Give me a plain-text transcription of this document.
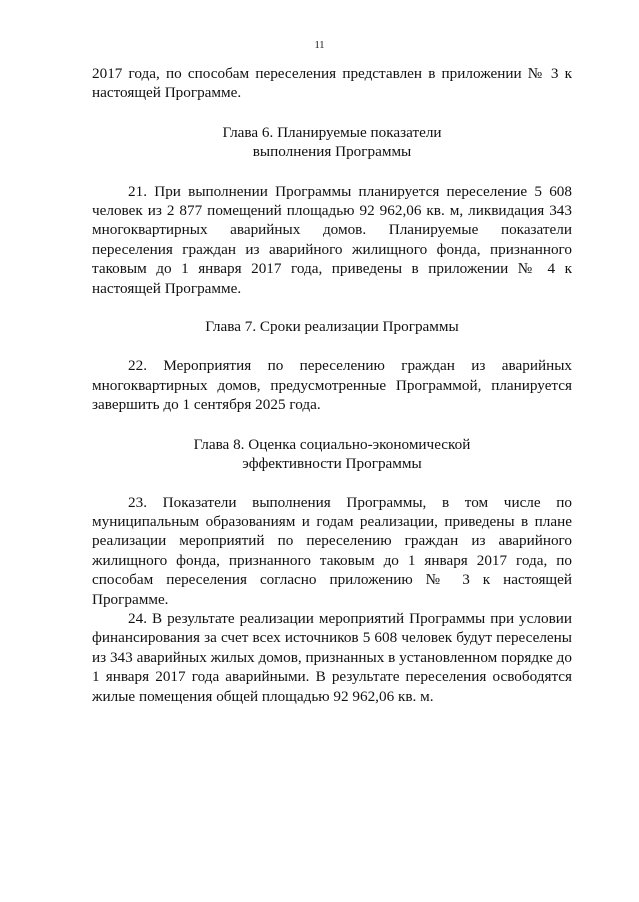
11

2017 года, по способам переселения представлен в приложении № 3 к настоящей Программе.

Глава 6. Планируемые показатели
выполнения Программы

21. При выполнении Программы планируется переселение 5 608 человек из 2 877 помещений площадью 92 962,06 кв. м, ликвидация 343 многоквартирных аварийных домов. Планируемые показатели переселения граждан из аварийного жилищного фонда, признанного таковым до 1 января 2017 года, приведены в приложении № 4 к настоящей Программе.

Глава 7. Сроки реализации Программы

22. Мероприятия по переселению граждан из аварийных многоквартирных домов, предусмотренные Программой, планируется завершить до 1 сентября 2025 года.

Глава 8. Оценка социально-экономической
эффективности Программы

23. Показатели выполнения Программы, в том числе по муниципальным образованиям и годам реализации, приведены в плане реализации мероприятий по переселению граждан из аварийного жилищного фонда, признанного таковым до 1 января 2017 года, по способам переселения согласно приложению № 3 к настоящей Программе.

24. В результате реализации мероприятий Программы при условии финансирования за счет всех источников 5 608 человек будут переселены из 343 аварийных жилых домов, признанных в установленном порядке до 1 января 2017 года аварийными. В результате переселения освободятся жилые помещения общей площадью 92 962,06 кв. м.
